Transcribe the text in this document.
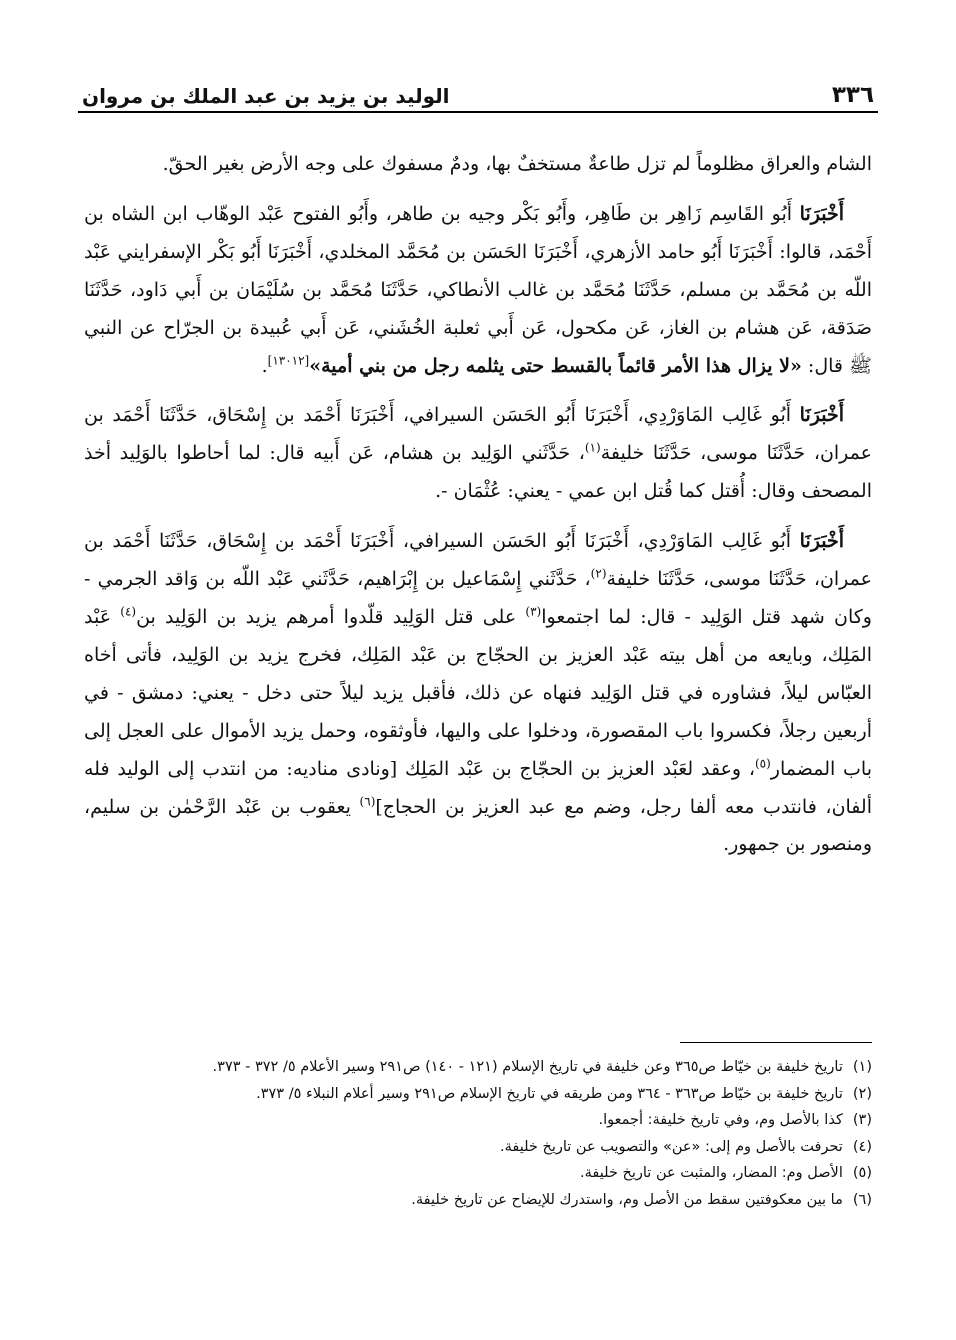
٣٣٦
الوليد بن يزيد بن عبد الملك بن مروان

الشام والعراق مظلوماً لم تزل طاعةٌ مستخفٌ بها، ودمٌ مسفوك على وجه الأرض بغير الحقّ.

أَخْبَرَنَا أَبُو القَاسِم زَاهِر بن طَاهِر، وأَبُو بَكْر وجيه بن طاهر، وأَبُو الفتوح عَبْد الوهّاب ابن الشاه بن أَحْمَد، قالوا: أَخْبَرَنَا أَبُو حامد الأزهري، أَخْبَرَنَا الحَسَن بن مُحَمَّد المخلدي، أَخْبَرَنَا أَبُو بَكْر الإسفرايني عَبْد اللّه بن مُحَمَّد بن مسلم، حَدَّثَنَا مُحَمَّد بن غالب الأنطاكي، حَدَّثَنَا مُحَمَّد بن سُلَيْمَان بن أَبي دَاود، حَدَّثَنَا صَدَقة، عَن هشام بن الغاز، عَن مكحول، عَن أَبي ثعلبة الخُشَني، عَن أَبي عُبيدة بن الجرّاح عن النبي ﷺ قال: «لا يزال هذا الأمر قائماً بالقسط حتى يثلمه رجل من بني أمية»[١٣٠١٢].

أَخْبَرَنَا أَبُو غَالِب المَاوَرْدِي، أَخْبَرَنَا أَبُو الحَسَن السيرافي، أَخْبَرَنَا أَحْمَد بن إِسْحَاق، حَدَّثَنَا أَحْمَد بن عمران، حَدَّثَنَا موسى، حَدَّثَنَا خليفة$^{(١)}$، حَدَّثَني الوَلِيد بن هشام، عَن أَبيه قال: لما أحاطوا بالوَلِيد أخذ المصحف وقال: أُقتل كما قُتل ابن عمي - يعني: عُثْمَان -.

أَخْبَرَنَا أَبُو غَالِب المَاوَرْدِي، أَخْبَرَنَا أَبُو الحَسَن السيرافي، أَخْبَرَنَا أَحْمَد بن إِسْحَاق، حَدَّثَنَا أَحْمَد بن عمران، حَدَّثَنَا موسى، حَدَّثَنَا خليفة$^{(٢)}$، حَدَّثَني إِسْمَاعيل بن إِبْرَاهيم، حَدَّثَني عَبْد اللّه بن وَاقد الجرمي - وكان شهد قتل الوَلِيد - قال: لما اجتمعوا$^{(٣)}$ على قتل الوَلِيد قلّدوا أمرهم يزيد بن الوَلِيد بن$^{(٤)}$ عَبْد المَلِك، وبايعه من أهل بيته عَبْد العزيز بن الحجّاج بن عَبْد المَلِك، فخرج يزيد بن الوَلِيد، فأتى أخاه العبّاس ليلاً، فشاوره في قتل الوَلِيد فنهاه عن ذلك، فأقبل يزيد ليلاً حتى دخل - يعني: دمشق - في أربعين رجلاً، فكسروا باب المقصورة، ودخلوا على واليها، فأوثقوه، وحمل يزيد الأموال على العجل إلى باب المضمار$^{(٥)}$، وعقد لعَبْد العزيز بن الحجّاج بن عَبْد المَلِك [ونادى مناديه: من انتدب إلى الوليد فله ألفان، فانتدب معه ألفا رجل، وضم مع عبد العزيز بن الحجاج]$^{(٦)}$ يعقوب بن عَبْد الرَّحْمٰن بن سليم، ومنصور بن جمهور.

(١)
تاريخ خليفة بن خيّاط ص٣٦٥ وعن خليفة في تاريخ الإسلام (١٢١ - ١٤٠) ص٢٩١ وسير الأعلام ٥/ ٣٧٢ - ٣٧٣.
(٢)
تاريخ خليفة بن خيّاط ص٣٦٣ - ٣٦٤ ومن طريقه في تاريخ الإسلام ص٢٩١ وسير أعلام النبلاء ٥/ ٣٧٣.
(٣)
كذا بالأصل وم، وفي تاريخ خليفة: أجمعوا.
(٤)
تحرفت بالأصل وم إلى: «عن» والتصويب عن تاريخ خليفة.
(٥)
الأصل وم: المضار، والمثبت عن تاريخ خليفة.
(٦)
ما بين معكوفتين سقط من الأصل وم، واستدرك للإيضاح عن تاريخ خليفة.
